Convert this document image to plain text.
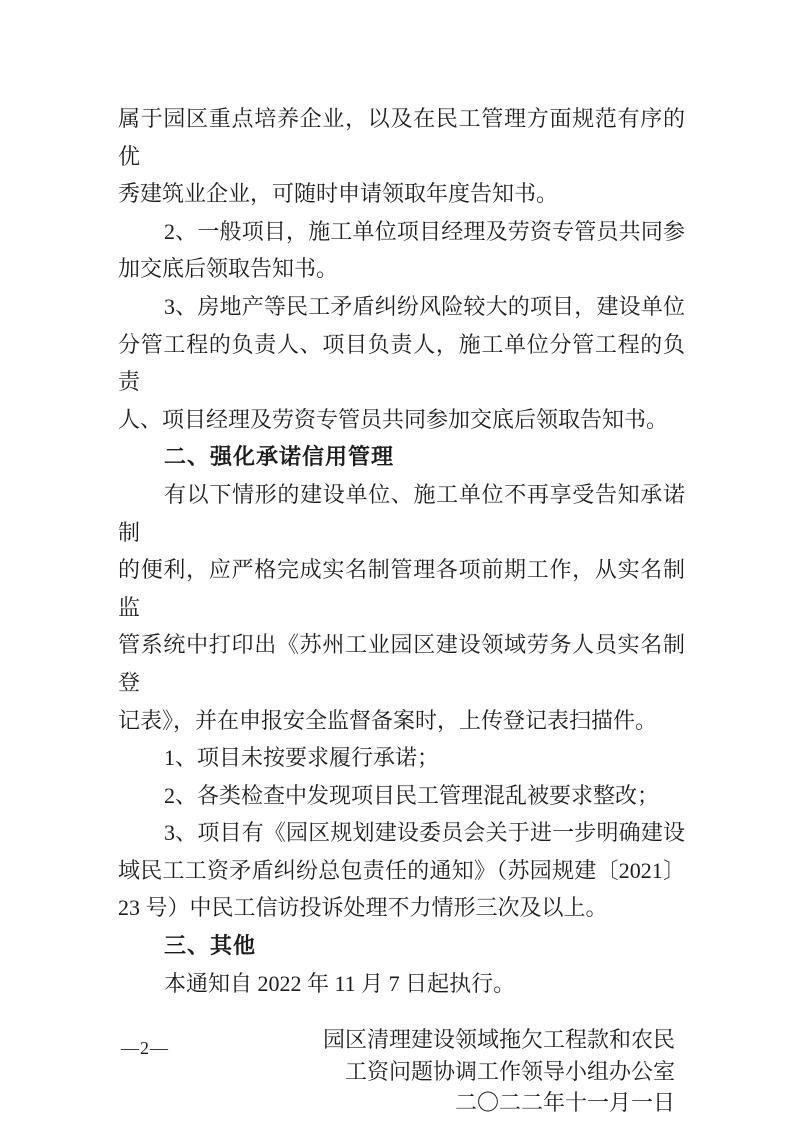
属于园区重点培养企业，以及在民工管理方面规范有序的优
秀建筑业企业，可随时申请领取年度告知书。
2、一般项目，施工单位项目经理及劳资专管员共同参
加交底后领取告知书。
3、房地产等民工矛盾纠纷风险较大的项目，建设单位
分管工程的负责人、项目负责人，施工单位分管工程的负责
人、项目经理及劳资专管员共同参加交底后领取告知书。
二、强化承诺信用管理
有以下情形的建设单位、施工单位不再享受告知承诺制
的便利，应严格完成实名制管理各项前期工作，从实名制监
管系统中打印出《苏州工业园区建设领域劳务人员实名制登
记表》，并在申报安全监督备案时，上传登记表扫描件。
1、项目未按要求履行承诺；
2、各类检查中发现项目民工管理混乱被要求整改；
3、项目有《园区规划建设委员会关于进一步明确建设
域民工工资矛盾纠纷总包责任的通知》（苏园规建〔2021〕
23 号）中民工信访投诉处理不力情形三次及以上。
三、其他
本通知自 2022 年 11 月 7 日起执行。
园区清理建设领域拖欠工程款和农民
工资问题协调工作领导小组办公室
二〇二二年十一月一日
—2—
